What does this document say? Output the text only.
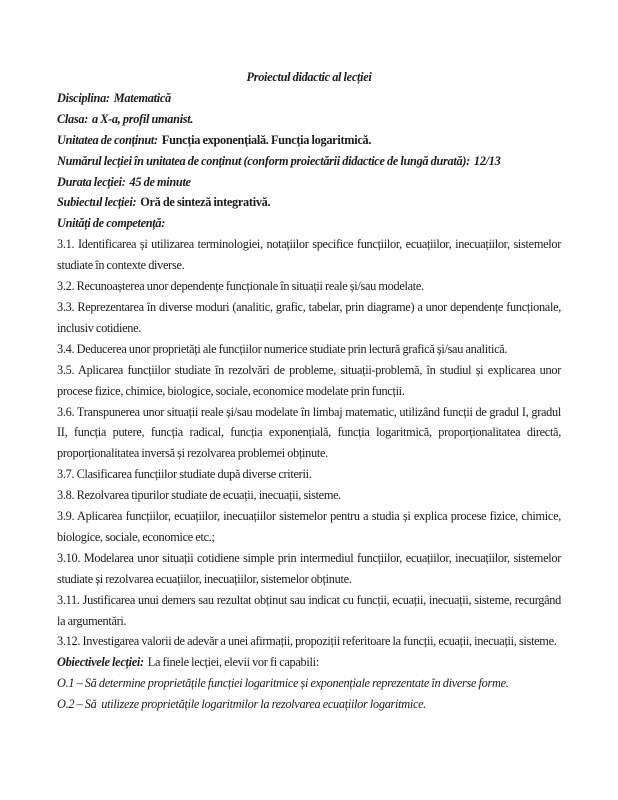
Proiectul didactic al lecției

Disciplina: Matematică

Clasa: a X-a, profil umanist.

Unitatea de conținut: Funcția exponențială. Funcția logaritmică.

Numărul lecției în unitatea de conținut (conform proiectării didactice de lungă durată): 12/13

Durata lecției: 45 de minute

Subiectul lecției: Oră de sinteză integrativă.

Unități de competență:

3.1. Identificarea și utilizarea terminologiei, notațiilor specifice funcțiilor, ecuațiilor, inecuațiilor, sistemelor studiate în contexte diverse.

3.2. Recunoașterea unor dependențe funcționale în situații reale și/sau modelate.

3.3. Reprezentarea în diverse moduri (analitic, grafic, tabelar, prin diagrame) a unor dependențe funcționale, inclusiv cotidiene.

3.4. Deducerea unor proprietăți ale funcțiilor numerice studiate prin lectură grafică și/sau analitică.

3.5. Aplicarea funcțiilor studiate în rezolvări de probleme, situații-problemă, în studiul și explicarea unor procese fizice, chimice, biologice, sociale, economice modelate prin funcții.

3.6. Transpunerea unor situații reale și/sau modelate în limbaj matematic, utilizând funcții de gradul I, gradul II, funcția putere, funcția radical, funcția exponențială, funcția logaritmică, proporționalitatea directă, proporționalitatea inversă și rezolvarea problemei obținute.

3.7. Clasificarea funcțiilor studiate după diverse criterii.

3.8. Rezolvarea tipurilor studiate de ecuații, inecuații, sisteme.

3.9. Aplicarea funcțiilor, ecuațiilor, inecuațiilor sistemelor pentru a studia și explica procese fizice, chimice, biologice, sociale, economice etc.;

3.10. Modelarea unor situații cotidiene simple prin intermediul funcțiilor, ecuațiilor, inecuațiilor, sistemelor studiate și rezolvarea ecuațiilor, inecuațiilor, sistemelor obținute.

3.11. Justificarea unui demers sau rezultat obținut sau indicat cu funcții, ecuații, inecuații, sisteme, recurgând la argumentări.

3.12. Investigarea valorii de adevăr a unei afirmații, propoziții referitoare la funcții, ecuații, inecuații, sisteme.

Obiectivele lecției: La finele lecției, elevii vor fi capabili:

O.1 – Să determine proprietățile funcției logaritmice și exponențiale reprezentate în diverse forme.

O.2 – Să  utilizeze proprietățile logaritmilor la rezolvarea ecuațiilor logaritmice.
